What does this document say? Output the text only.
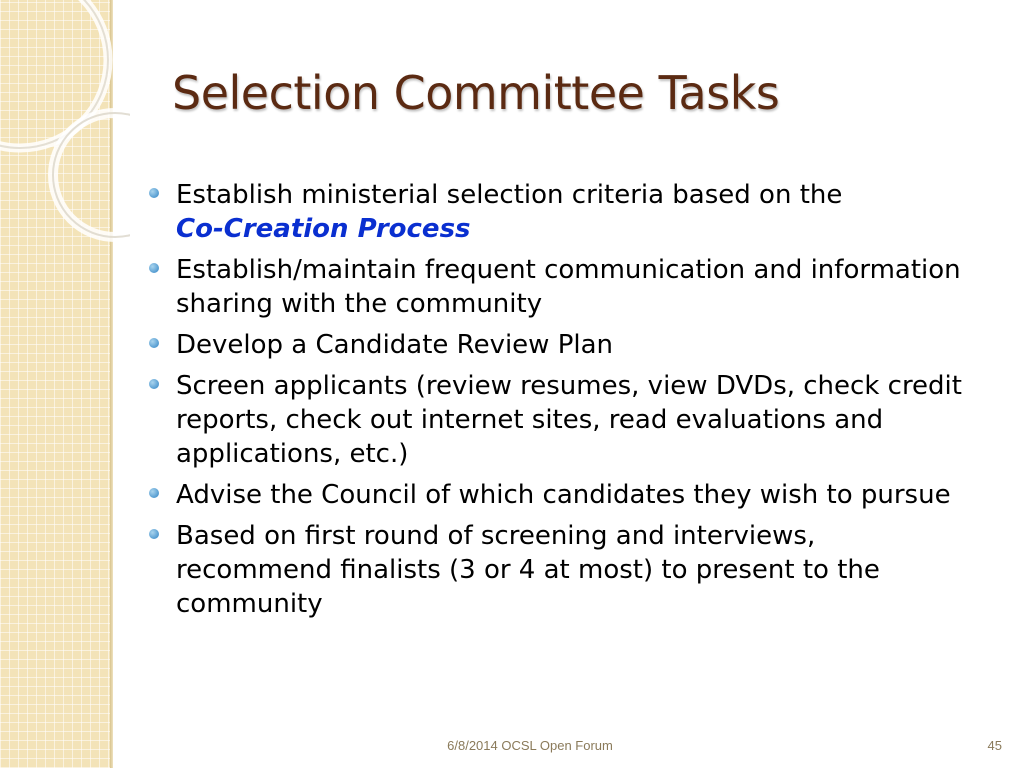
Selection Committee Tasks
Establish ministerial selection criteria based on the
Co-Creation Process
Establish/maintain frequent communication and information sharing with the community
Develop a Candidate Review Plan
Screen applicants (review resumes, view DVDs, check credit reports, check out internet sites, read evaluations and applications, etc.)
Advise the Council of which candidates they wish to pursue
Based on first round of screening and interviews, recommend finalists (3 or 4 at most) to present to the community
6/8/2014 OCSL Open Forum	45
